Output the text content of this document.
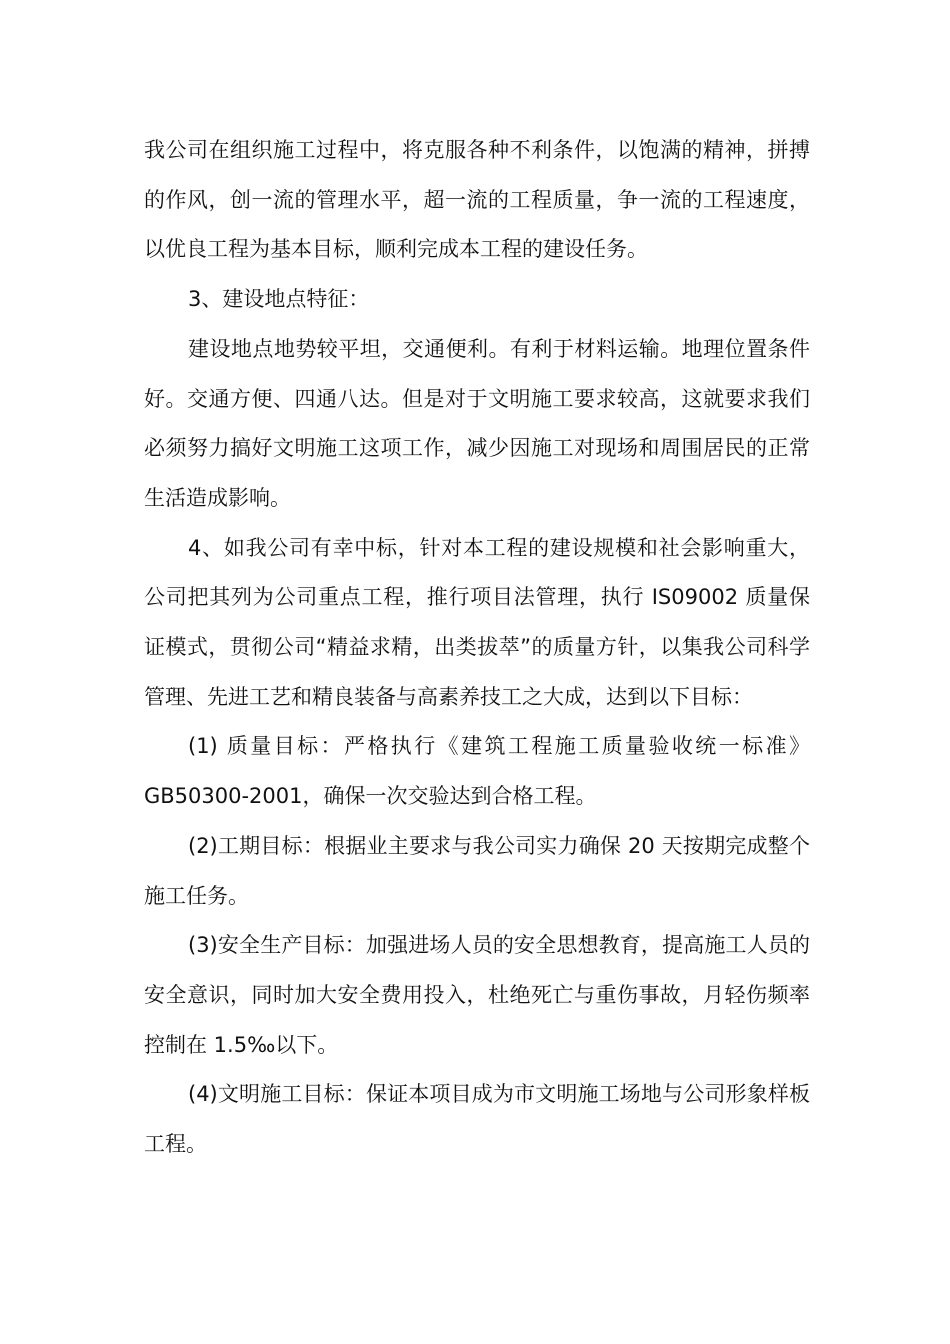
我公司在组织施工过程中，将克服各种不利条件，以饱满的精神，拼搏的作风，创一流的管理水平，超一流的工程质量，争一流的工程速度，以优良工程为基本目标，顺利完成本工程的建设任务。

3、建设地点特征：

建设地点地势较平坦，交通便利。有利于材料运输。地理位置条件好。交通方便、四通八达。但是对于文明施工要求较高，这就要求我们必须努力搞好文明施工这项工作，减少因施工对现场和周围居民的正常生活造成影响。

4、如我公司有幸中标，针对本工程的建设规模和社会影响重大，公司把其列为公司重点工程，推行项目法管理，执行 IS09002 质量保证模式，贯彻公司“精益求精，出类拔萃”的质量方针，以集我公司科学管理、先进工艺和精良装备与高素养技工之大成，达到以下目标：

(1) 质量目标：严格执行《建筑工程施工质量验收统一标准》GB50300-2001，确保一次交验达到合格工程。

(2)工期目标：根据业主要求与我公司实力确保 20 天按期完成整个施工任务。

(3)安全生产目标：加强进场人员的安全思想教育，提高施工人员的安全意识，同时加大安全费用投入，杜绝死亡与重伤事故，月轻伤频率控制在 1.5‰以下。

(4)文明施工目标：保证本项目成为市文明施工场地与公司形象样板工程。
